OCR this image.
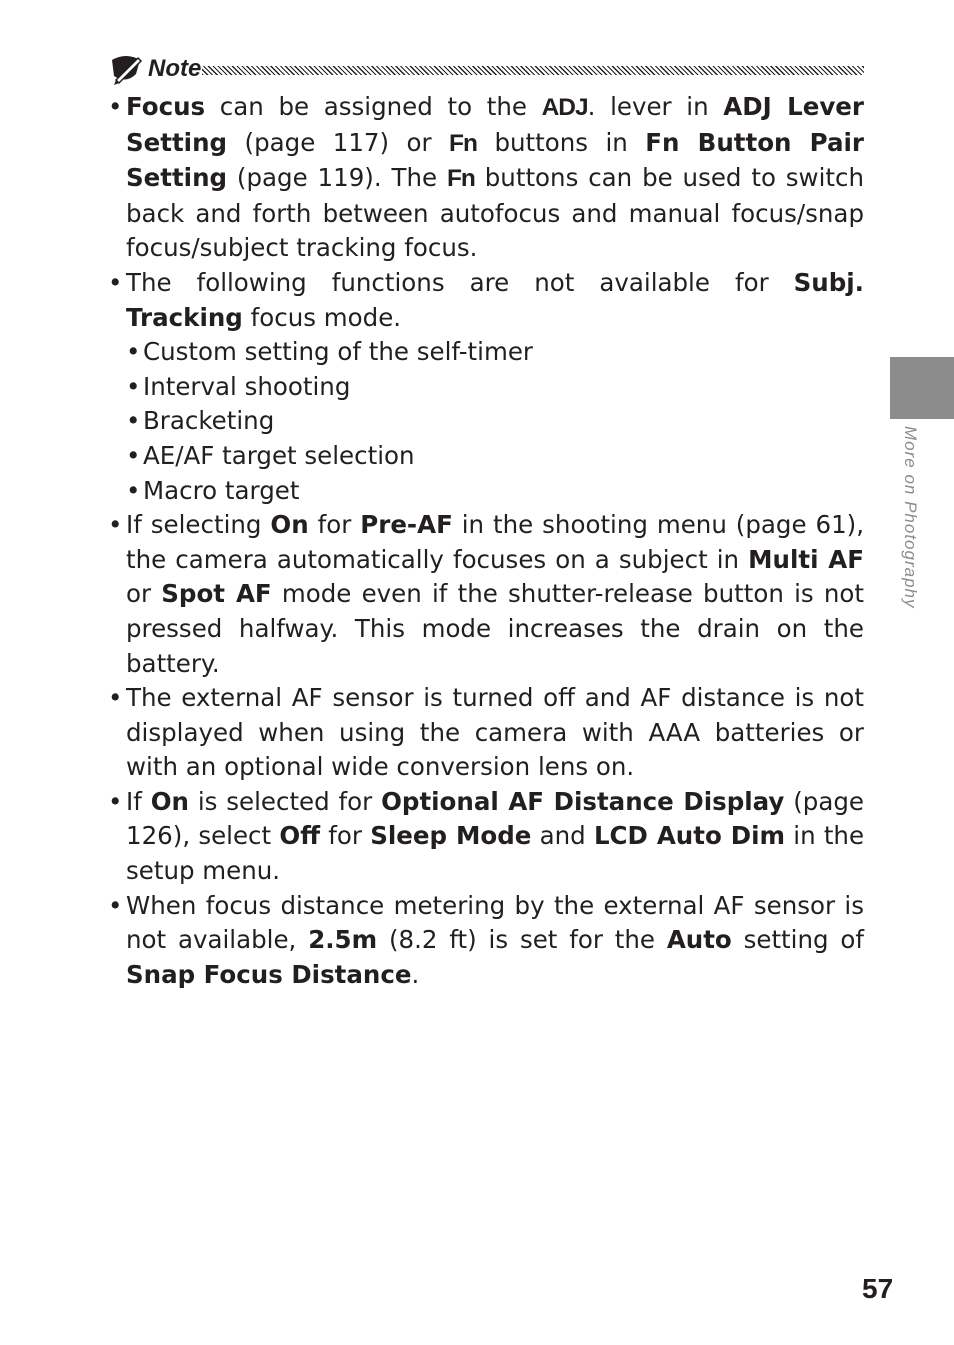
Note

• Focus can be assigned to the ADJ. lever in ADJ Lever Setting (page 117) or Fn buttons in Fn Button Pair Setting (page 119). The Fn buttons can be used to switch back and forth between autofocus and manual focus/snap focus/subject tracking focus.

• The following functions are not available for Subj. Tracking focus mode.

• Custom setting of the self-timer

• Interval shooting

• Bracketing

• AE/AF target selection

• Macro target

• If selecting On for Pre-AF in the shooting menu (page 61), the camera automatically focuses on a subject in Multi AF or Spot AF mode even if the shutter-release button is not pressed halfway. This mode increases the drain on the battery.

• The external AF sensor is turned off and AF distance is not displayed when using the camera with AAA batteries or with an optional wide conversion lens on.

• If On is selected for Optional AF Distance Display (page 126), select Off for Sleep Mode and LCD Auto Dim in the setup menu.

• When focus distance metering by the external AF sensor is not available, 2.5m (8.2 ft) is set for the Auto setting of Snap Focus Distance.

More on Photography
57
